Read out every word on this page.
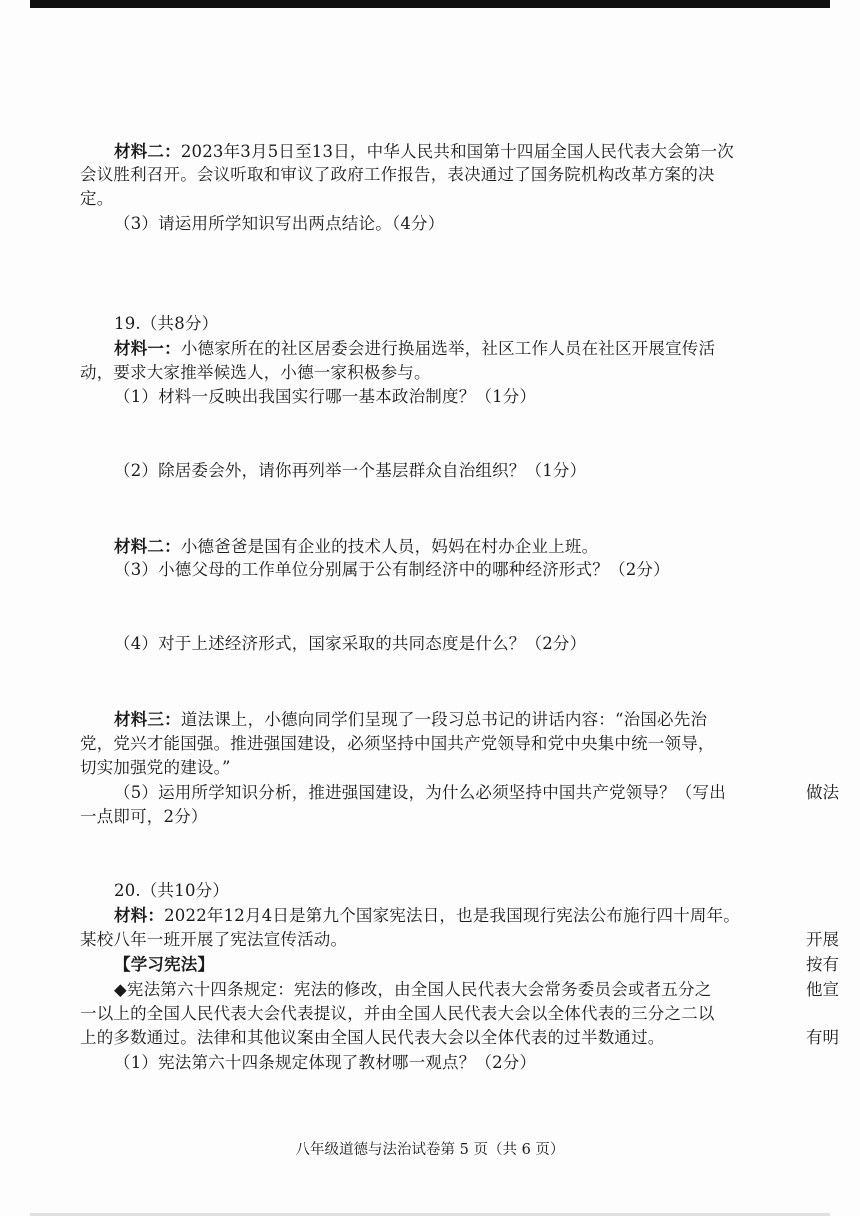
材料二：2023年3月5日至13日，中华人民共和国第十四届全国人民代表大会第一次
会议胜利召开。会议听取和审议了政府工作报告，表决通过了国务院机构改革方案的决
定。
（3）请运用所学知识写出两点结论。（4分）
19.（共8分）
材料一：小德家所在的社区居委会进行换届选举，社区工作人员在社区开展宣传活
动，要求大家推举候选人，小德一家积极参与。
（1）材料一反映出我国实行哪一基本政治制度？（1分）
（2）除居委会外，请你再列举一个基层群众自治组织？（1分）
材料二：小德爸爸是国有企业的技术人员，妈妈在村办企业上班。
（3）小德父母的工作单位分别属于公有制经济中的哪种经济形式？（2分）
（4）对于上述经济形式，国家采取的共同态度是什么？（2分）
材料三：道法课上，小德向同学们呈现了一段习总书记的讲话内容：“治国必先治
党，党兴才能国强。推进强国建设，必须坚持中国共产党领导和党中央集中统一领导，
切实加强党的建设。”
（5）运用所学知识分析，推进强国建设，为什么必须坚持中国共产党领导？（写出
一点即可，2分）
20.（共10分）
材料：2022年12月4日是第九个国家宪法日，也是我国现行宪法公布施行四十周年。
某校八年一班开展了宪法宣传活动。
【学习宪法】
◆宪法第六十四条规定：宪法的修改，由全国人民代表大会常务委员会或者五分之
一以上的全国人民代表大会代表提议，并由全国人民代表大会以全体代表的三分之二以
上的多数通过。法律和其他议案由全国人民代表大会以全体代表的过半数通过。
（1）宪法第六十四条规定体现了教材哪一观点？（2分）
做法
开展
按有
他宣
有明
八年级道德与法治试卷第 5 页（共 6 页）
